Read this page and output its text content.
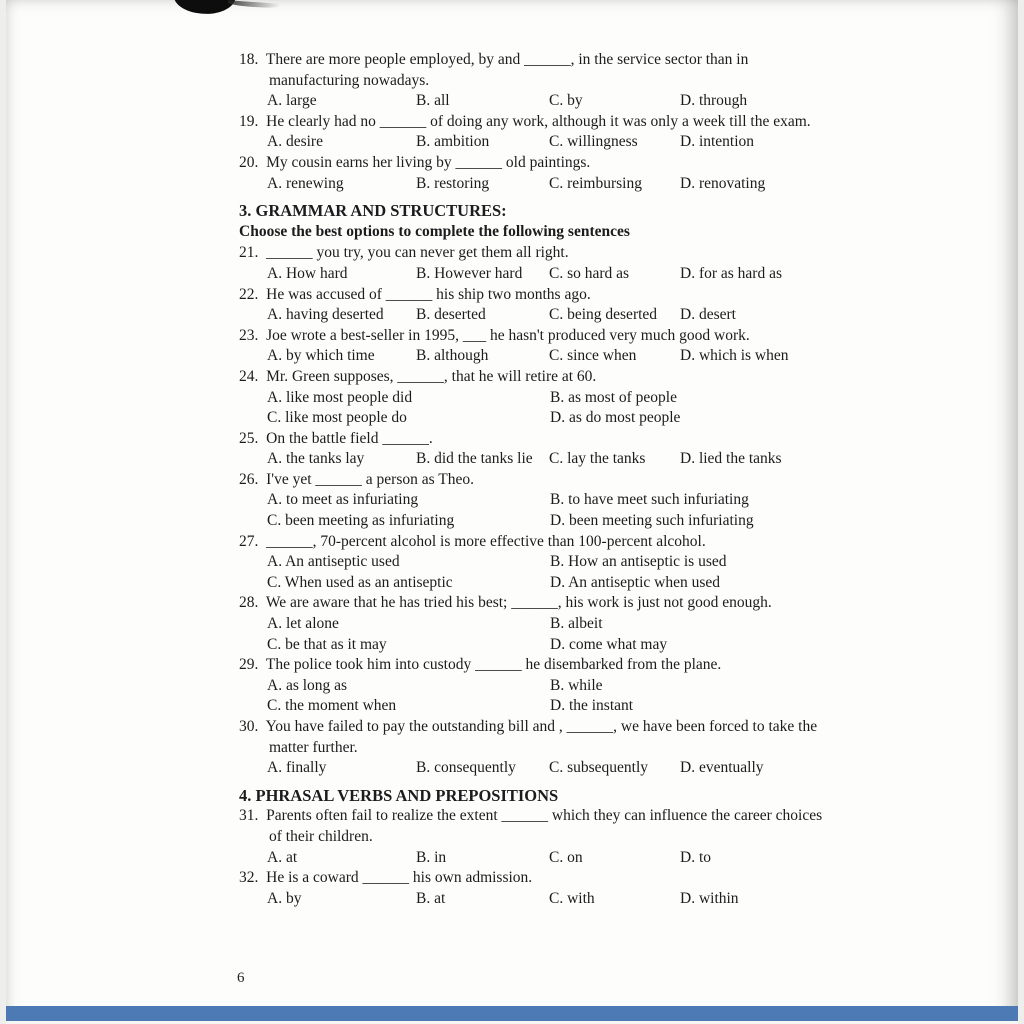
18.  There are more people employed, by and ______, in the service sector than in manufacturing nowadays.
A. large	B. all	C. by	D. through
19.  He clearly had no ______ of doing any work, although it was only a week till the exam.
A. desire	B. ambition	C. willingness	D. intention
20.  My cousin earns her living by ______ old paintings.
A. renewing	B. restoring	C. reimbursing	D. renovating
3. GRAMMAR AND STRUCTURES:
Choose the best options to complete the following sentences
21.  ______ you try, you can never get them all right.
A. How hard	B. However hard	C. so hard as	D. for as hard as
22.  He was accused of ______ his ship two months ago.
A. having deserted	B. deserted	C. being deserted	D. desert
23.  Joe wrote a best-seller in 1995, ___ he hasn't produced very much good work.
A. by which time	B. although	C. since when	D. which is when
24.  Mr. Green supposes, ______, that he will retire at 60.
A. like most people did	B. as most of people
C. like most people do	D. as do most people
25.  On the battle field ______.
A. the tanks lay	B. did the tanks lie	C. lay the tanks	D. lied the tanks
26.  I've yet ______ a person as Theo.
A. to meet as infuriating	B. to have meet such infuriating
C. been meeting as infuriating	D. been meeting such infuriating
27.  ______, 70-percent alcohol is more effective than 100-percent alcohol.
A. An antiseptic used	B. How an antiseptic is used
C. When used as an antiseptic	D. An antiseptic when used
28.  We are aware that he has tried his best; ______, his work is just not good enough.
A. let alone	B. albeit
C. be that as it may	D. come what may
29.  The police took him into custody ______ he disembarked from the plane.
A. as long as	B. while
C. the moment when	D. the instant
30.  You have failed to pay the outstanding bill and , ______, we have been forced to take the matter further.
A. finally	B. consequently	C. subsequently	D. eventually
4. PHRASAL VERBS AND PREPOSITIONS
31.  Parents often fail to realize the extent ______ which they can influence the career choices of their children.
A. at	B. in	C. on	D. to
32.  He is a coward ______ his own admission.
A. by	B. at	C. with	D. within
6
